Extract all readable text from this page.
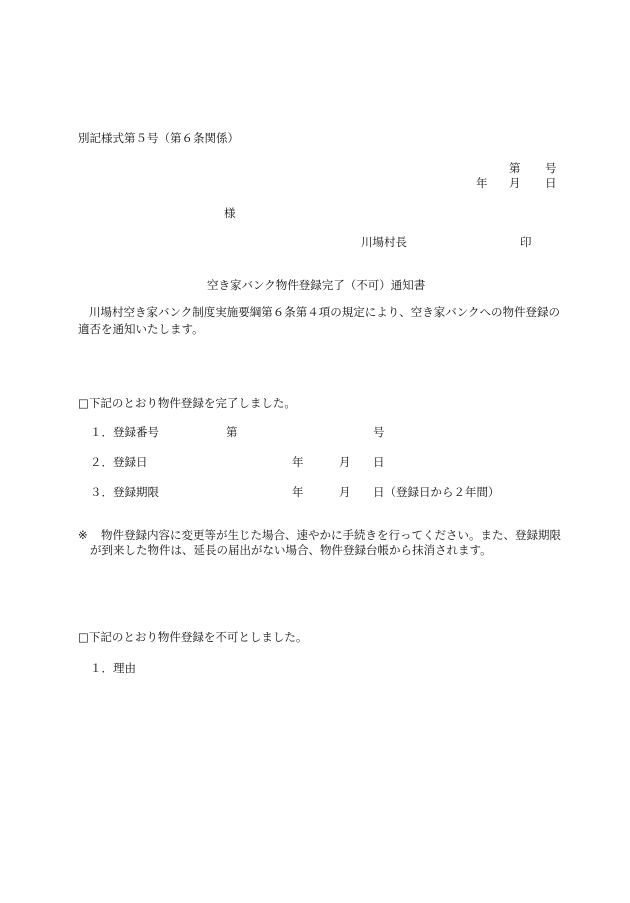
別記様式第５号（第６条関係）
第 号
年 月 日
様
川場村長	印
空き家バンク物件登録完了（不可）通知書
川場村空き家バンク制度実施要綱第６条第４項の規定により、空き家バンクへの物件登録の
適否を通知いたします。
□下記のとおり物件登録を完了しました。
１．登録番号	第	号
２．登録日	年	月 日
３．登録期限	年	月 日（登録日から２年間）
※ 物件登録内容に変更等が生じた場合、速やかに手続きを行ってください。また、登録期限
が到来した物件は、延長の届出がない場合、物件登録台帳から抹消されます。
□下記のとおり物件登録を不可としました。
１．理由
